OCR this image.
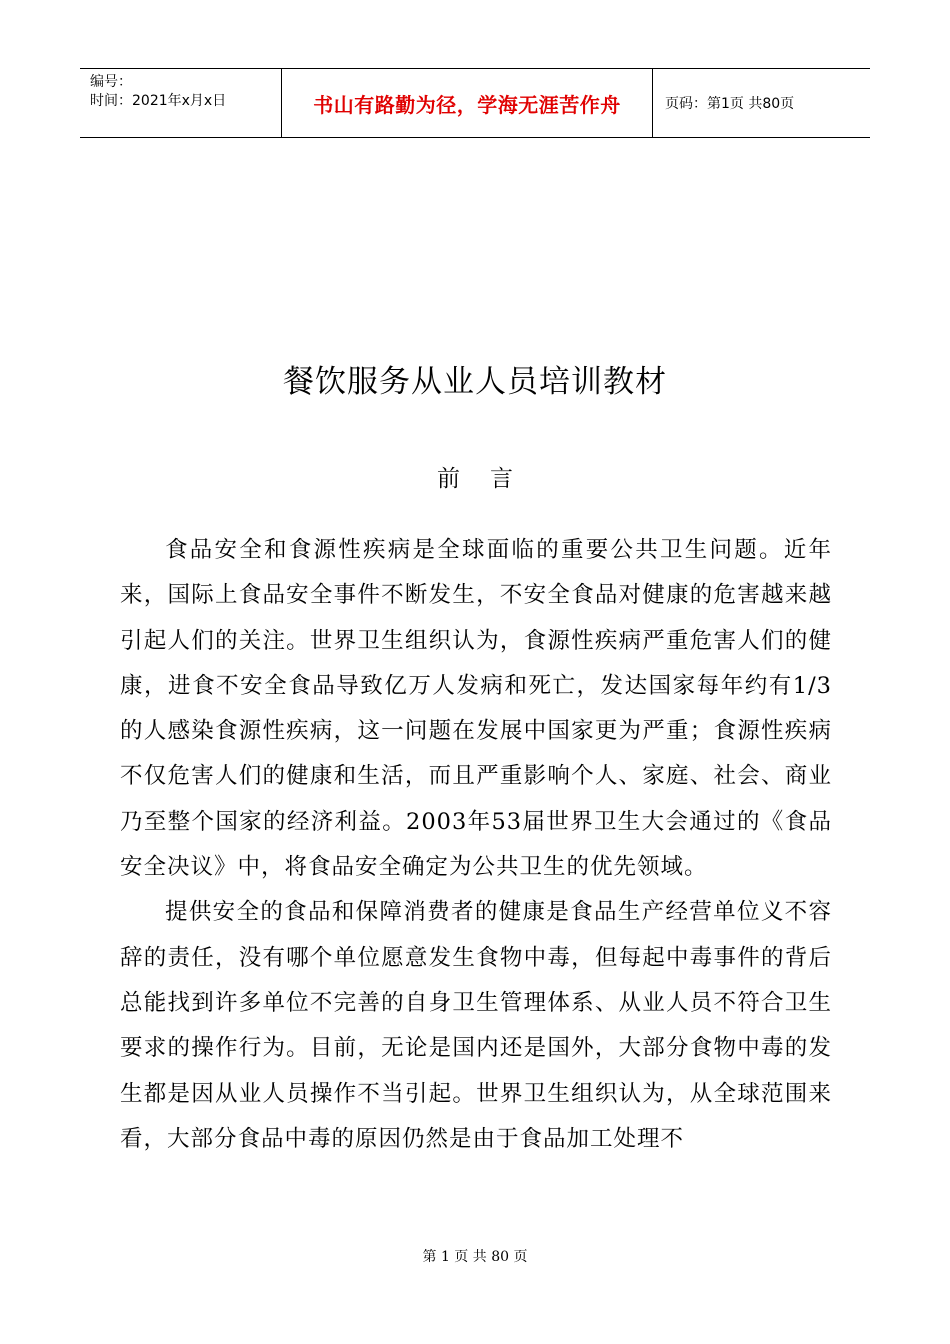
编号：
时间：2021年x月x日	书山有路勤为径，学海无涯苦作舟	页码：第1页 共80页
餐饮服务从业人员培训教材
前言

食品安全和食源性疾病是全球面临的重要公共卫生问题。近年来，国际上食品安全事件不断发生，不安全食品对健康的危害越来越引起人们的关注。世界卫生组织认为，食源性疾病严重危害人们的健康，进食不安全食品导致亿万人发病和死亡，发达国家每年约有1/3的人感染食源性疾病，这一问题在发展中国家更为严重；食源性疾病不仅危害人们的健康和生活，而且严重影响个人、家庭、社会、商业乃至整个国家的经济利益。2003年53届世界卫生大会通过的《食品安全决议》中，将食品安全确定为公共卫生的优先领域。

提供安全的食品和保障消费者的健康是食品生产经营单位义不容辞的责任，没有哪个单位愿意发生食物中毒，但每起中毒事件的背后总能找到许多单位不完善的自身卫生管理体系、从业人员不符合卫生要求的操作行为。目前，无论是国内还是国外，大部分食物中毒的发生都是因从业人员操作不当引起。世界卫生组织认为，从全球范围来看，大部分食品中毒的原因仍然是由于食品加工处理不

第 1 页 共 80 页
